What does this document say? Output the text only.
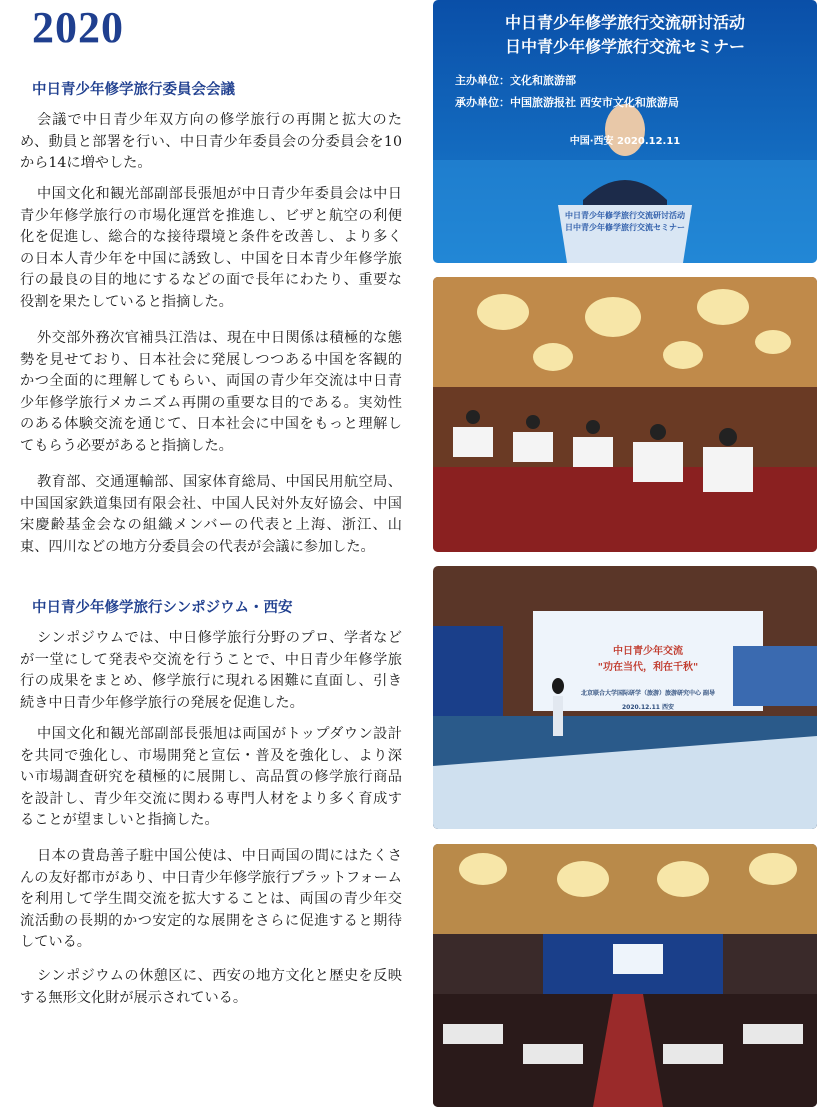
2020
中日青少年修学旅行委員会会議

会議で中日青少年双方向の修学旅行の再開と拡大のため、動員と部署を行い、中日青少年委員会の分委員会を10から14に増やした。

中国文化和観光部副部長張旭が中日青少年委員会は中日青少年修学旅行の市場化運営を推進し、ビザと航空の利便化を促進し、総合的な接待環境と条件を改善し、より多くの日本人青少年を中国に誘致し、中国を日本青少年修学旅行の最良の目的地にするなどの面で長年にわたり、重要な役割を果たしていると指摘した。

外交部外務次官補呉江浩は、現在中日関係は積極的な態勢を見せており、日本社会に発展しつつある中国を客観的かつ全面的に理解してもらい、両国の青少年交流は中日青少年修学旅行メカニズム再開の重要な目的である。実効性のある体験交流を通じて、日本社会に中国をもっと理解してもらう必要があると指摘した。

教育部、交通運輸部、国家体育総局、中国民用航空局、中国国家鉄道集団有限会社、中国人民対外友好協会、中国宋慶齢基金会なの組織メンバーの代表と上海、浙江、山東、四川などの地方分委員会の代表が会議に参加した。

中日青少年修学旅行シンポジウム・西安

シンポジウムでは、中日修学旅行分野のプロ、学者などが一堂にして発表や交流を行うことで、中日青少年修学旅行の成果をまとめ、修学旅行に現れる困難に直面し、引き続き中日青少年修学旅行の発展を促進した。

中国文化和観光部副部長張旭は両国がトップダウン設計を共同で強化し、市場開発と宣伝・普及を強化し、より深い市場調査研究を積極的に展開し、高品質の修学旅行商品を設計し、青少年交流に関わる専門人材をより多く育成することが望ましいと指摘した。

日本の貴島善子駐中国公使は、中日両国の間にはたくさんの友好都市があり、中日青少年修学旅行プラットフォームを利用して学生間交流を拡大することは、両国の青少年交流活動の長期的かつ安定的な展開をさらに促進すると期待している。

シンポジウムの休憩区に、西安の地方文化と歴史を反映する無形文化財が展示されている。

中日青少年修学旅行交流研讨活动
日中青少年修学旅行交流セミナー
主办单位：文化和旅游部
承办单位：中国旅游报社 西安市文化和旅游局
中国·西安 2020.12.11
中日青少年修学旅行交流研讨活动
日中青少年修学旅行交流セミナー
中日青少年交流
"功在当代，利在千秋"
北京联合大学国际研学（旅游）旅游研究中心 副导
2020.12.11 西安
